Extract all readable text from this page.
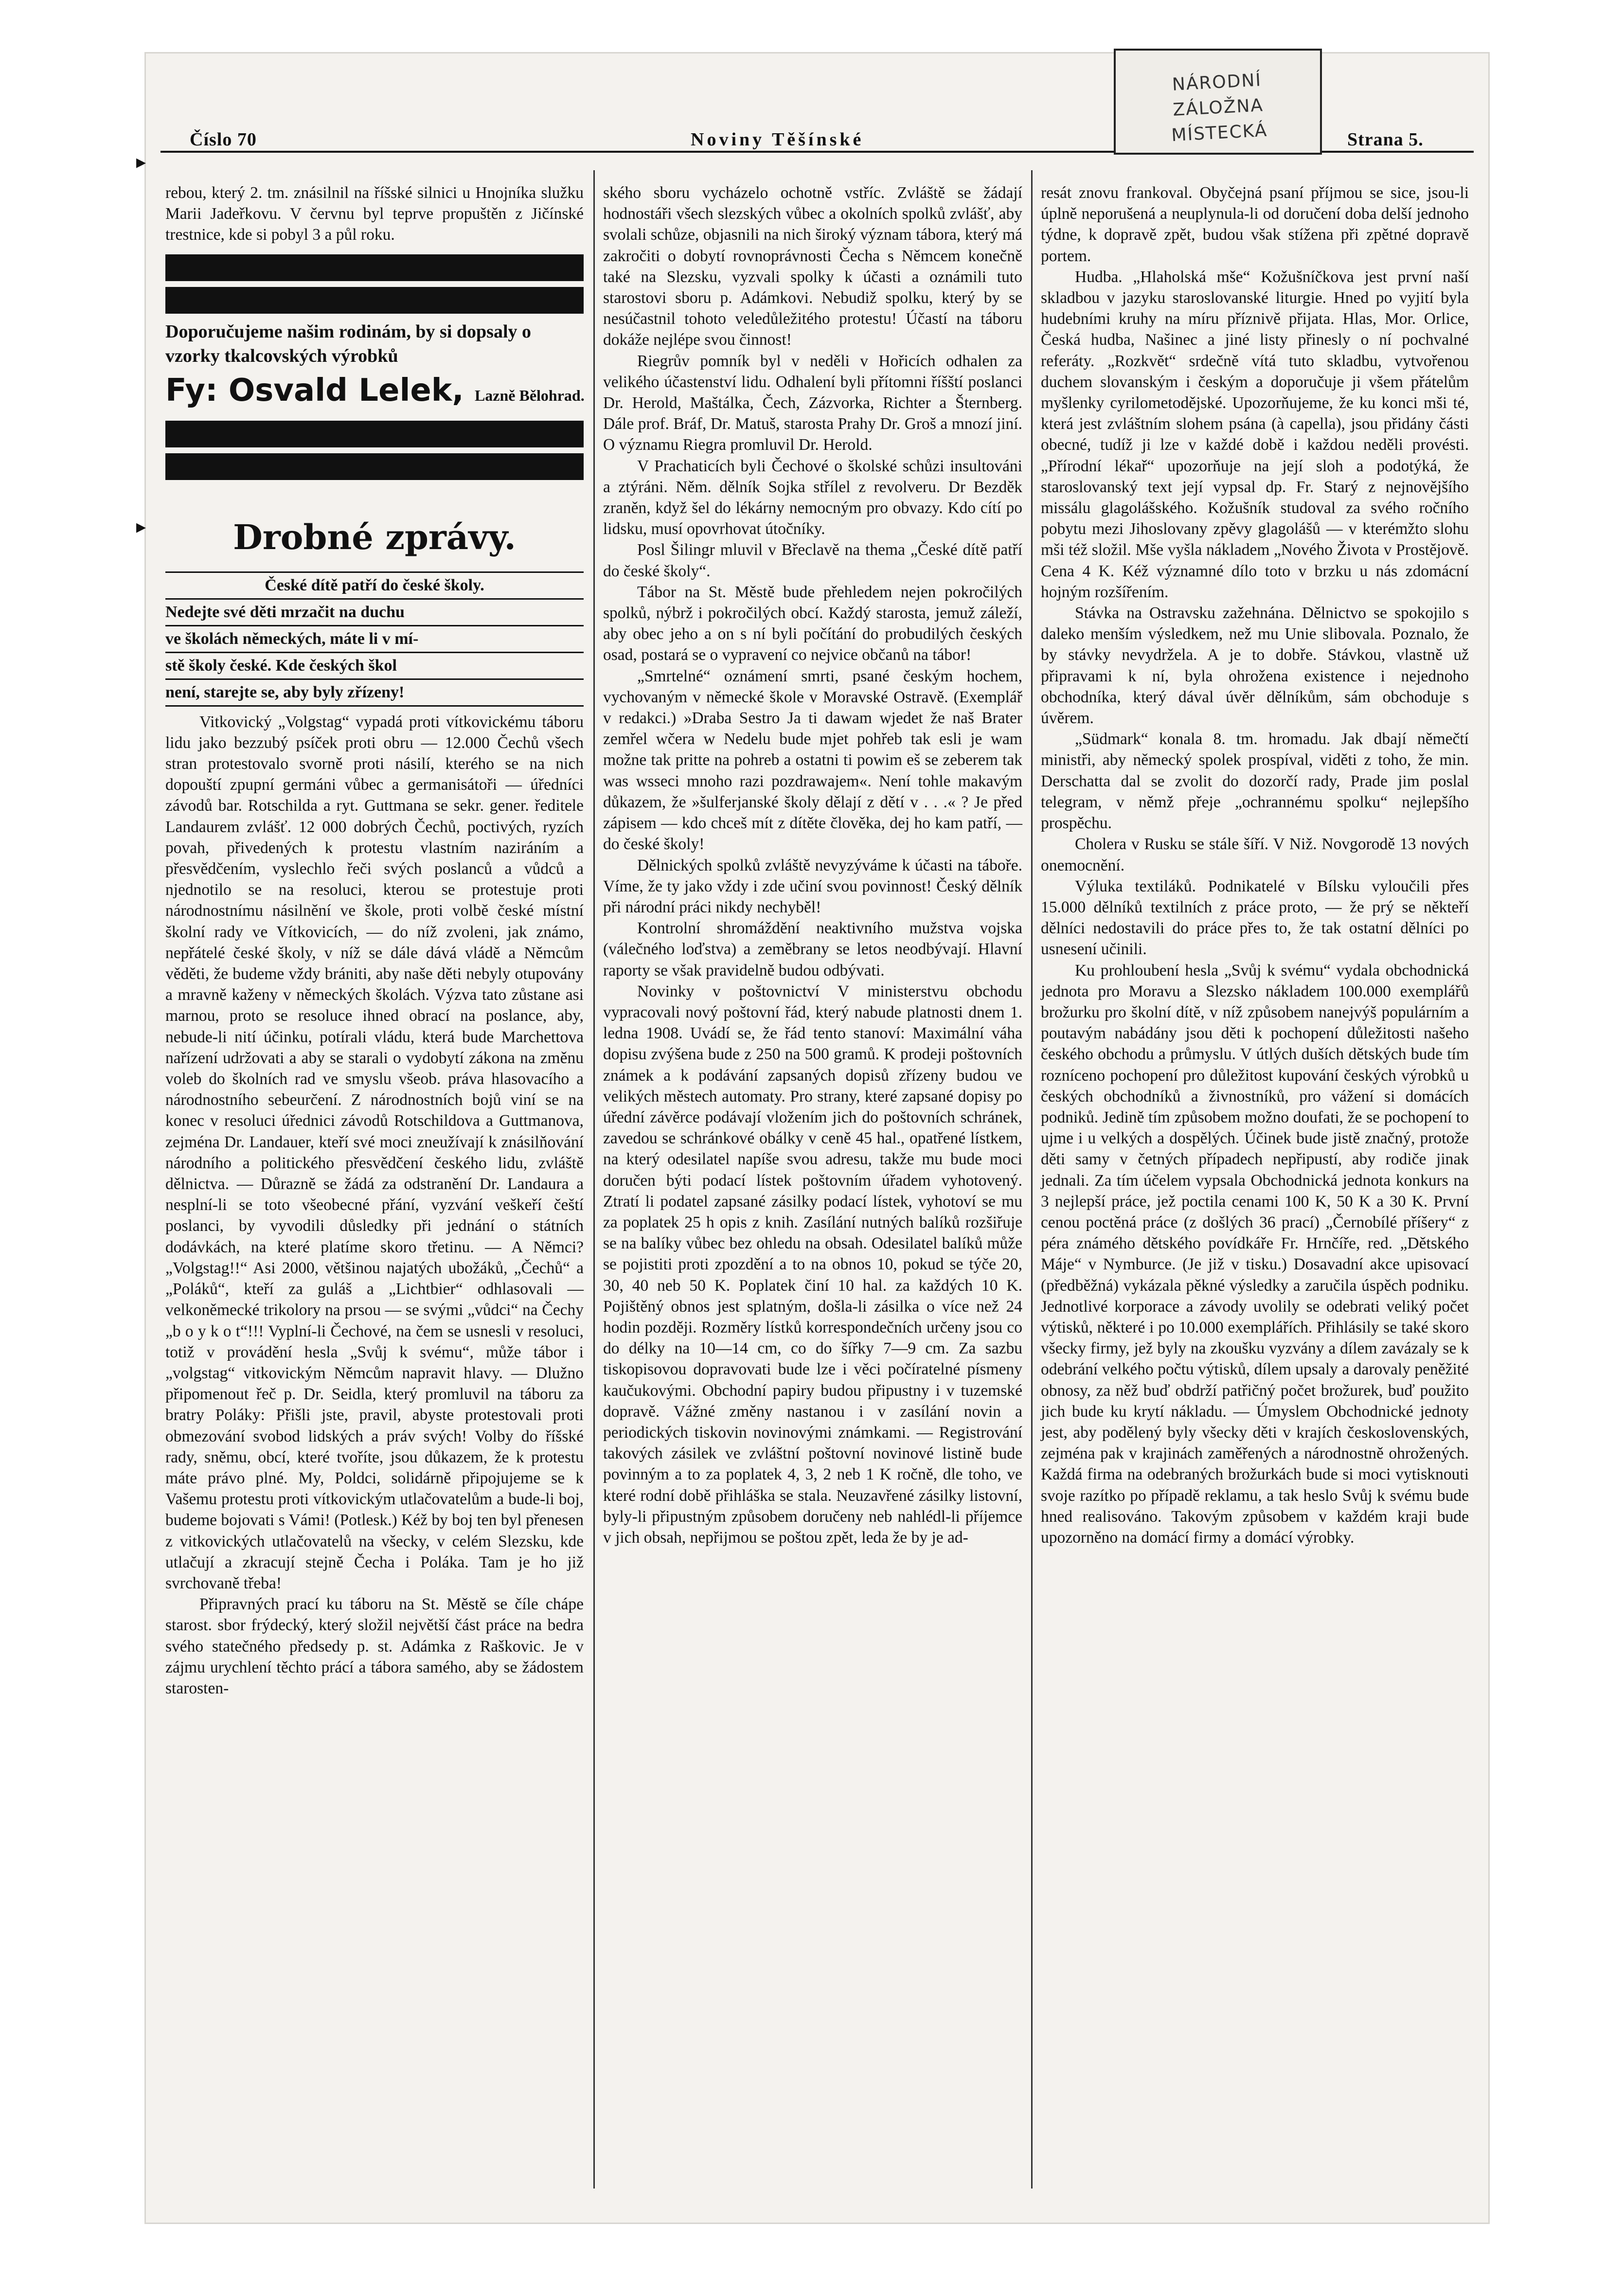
Číslo 70	Noviny Těšínské	Strana 5.
NÁRODNÍ ZÁLOŽNA
MÍSTECKÁ
▸
▸

rebou, který 2. tm. znásilnil na říšské silnici u Hnojníka služku Marii Jadeřkovu. V červnu byl teprve propuštěn z Jičínské trestnice, kde si pobyl 3 a půl roku.

Doporučujeme našim rodinám, by si dopsaly o vzorky tkalcovských výrobků
Fy: Osvald Lelek, Lazně Bělohrad.
Drobné zprávy.
České dítě patří do české školy.
Nedejte své děti mrzačit na duchu
ve školách německých, máte li v mí-
stě školy české. Kde českých škol
není, starejte se, aby byly zřízeny!

Vitkovický „Volgstag“ vypadá proti vítkovickému táboru lidu jako bezzubý psíček proti obru — 12.000 Čechů všech stran protestovalo svorně proti násilí, kterého se na nich dopouští zpupní germáni vůbec a germanisátoři — úředníci závodů bar. Rotschilda a ryt. Guttmana se sekr. gener. ředitele Landaurem zvlášť. 12 000 dobrých Čechů, poctivých, ryzích povah, přivedených k protestu vlastním naziráním a přesvědčením, vyslechlo řeči svých poslanců a vůdců a njednotilo se na resoluci, kterou se protestuje proti národnostnímu násilnění ve škole, proti volbě české místní školní rady ve Vítkovicích, — do níž zvoleni, jak známo, nepřátelé české školy, v níž se dále dává vládě a Němcům věděti, že budeme vždy brániti, aby naše děti nebyly otupovány a mravně kaženy v německých školách. Výzva tato zůstane asi marnou, proto se resoluce ihned obrací na poslance, aby, nebude-li nití účinku, potírali vládu, která bude Marchettova nařízení udržovati a aby se starali o vydobytí zákona na změnu voleb do školních rad ve smyslu všeob. práva hlasovacího a národnostního sebeurčení. Z národnostních bojů viní se na konec v resoluci úřednici závodů Rotschildova a Guttmanova, zejména Dr. Landauer, kteří své moci zneužívají k znásilňování národního a politického přesvědčení českého lidu, zvláště dělnictva. — Důrazně se žádá za odstranění Dr. Landaura a nesplní-li se toto všeobecné přání, vyzvání veškeří čeští poslanci, by vyvodili důsledky při jednání o státních dodávkách, na které platíme skoro třetinu. — A Němci? „Volgstag!!“ Asi 2000, většinou najatých ubožáků, „Čechů“ a „Poláků“, kteří za guláš a „Lichtbier“ odhlasovali — velkoněmecké trikolory na prsou — se svými „vůdci“ na Čechy „b o y k o t“!!! Vyplní-li Čechové, na čem se usnesli v resoluci, totiž v provádění hesla „Svůj k svému“, může tábor i „volgstag“ vitkovickým Němcům napravit hlavy. — Dlužno připomenout řeč p. Dr. Seidla, který promluvil na táboru za bratry Poláky: Přišli jste, pravil, abyste protestovali proti obmezování svobod lidských a práv svých! Volby do říšské rady, sněmu, obcí, které tvoříte, jsou důkazem, že k protestu máte právo plné. My, Poldci, solidárně připojujeme se k Vašemu protestu proti vítkovickým utlačovatelům a bude-li boj, budeme bojovati s Vámi! (Potlesk.) Kéž by boj ten byl přenesen z vitkovických utlačovatelů na všecky, v celém Slezsku, kde utlačují a zkracují stejně Čecha i Poláka. Tam je ho již svrchovaně třeba!

Připravných prací ku táboru na St. Městě se číle chápe starost. sbor frýdecký, který složil největší část práce na bedra svého statečného předsedy p. st. Adámka z Raškovic. Je v zájmu urychlení těchto prácí a tábora samého, aby se žádostem starosten-

ského sboru vycházelo ochotně vstříc. Zvláště se žádají hodnostáři všech slezských vůbec a okolních spolků zvlášť, aby svolali schůze, objasnili na nich široký význam tábora, který má zakročiti o dobytí rovnoprávnosti Čecha s Němcem konečně také na Slezsku, vyzvali spolky k účasti a oznámili tuto starostovi sboru p. Adámkovi. Nebudiž spolku, který by se nesúčastnil tohoto veledůležitého protestu! Účastí na táboru dokáže nejlépe svou činnost!

Riegrův pomník byl v neděli v Hořicích odhalen za velikého účastenství lidu. Odhalení byli přítomni říšští poslanci Dr. Herold, Maštálka, Čech, Zázvorka, Richter a Šternberg. Dále prof. Bráf, Dr. Matuš, starosta Prahy Dr. Groš a mnozí jiní. O významu Riegra promluvil Dr. Herold.

V Prachaticích byli Čechové o školské schůzi insultováni a ztýráni. Něm. dělník Sojka střílel z revolveru. Dr Bezděk zraněn, když šel do lékárny nemocným pro obvazy. Kdo cítí po lidsku, musí opovrhovat útočníky.

Posl Šilingr mluvil v Břeclavě na thema „České dítě patří do české školy“.

Tábor na St. Městě bude přehledem nejen pokročilých spolků, nýbrž i pokročilých obcí. Každý starosta, jemuž záleží, aby obec jeho a on s ní byli počítání do probudilých českých osad, postará se o vypravení co nejvice občanů na tábor!

„Smrtelné“ oznámení smrti, psané českým hochem, vychovaným v německé škole v Moravské Ostravě. (Exemplář v redakci.) »Draba Sestro Ja ti dawam wjedet že naš Brater zemřel wčera w Nedelu bude mjet pohřeb tak esli je wam možne tak pritte na pohreb a ostatni ti powim eš se zeberem tak was wsseci mnoho razi pozdrawajem«. Není tohle makavým důkazem, že »šulferjanské školy dělají z dětí v . . .« ? Je před zápisem — kdo chceš mít z dítěte člověka, dej ho kam patří, — do české školy!

Dělnických spolků zvláště nevyzýváme k účasti na táboře. Víme, že ty jako vždy i zde učiní svou povinnost! Český dělník při národní práci nikdy nechyběl!

Kontrolní shromáždění neaktivního mužstva vojska (válečného loďstva) a zeměbrany se letos neodbývají. Hlavní raporty se však pravidelně budou odbývati.

Novinky v poštovnictví V ministerstvu obchodu vypracovali nový poštovní řád, který nabude platnosti dnem 1. ledna 1908. Uvádí se, že řád tento stanoví: Maximální váha dopisu zvýšena bude z 250 na 500 gramů. K prodeji poštovních známek a k podávání zapsaných dopisů zřízeny budou ve velikých městech automaty. Pro strany, které zapsané dopisy po úřední závěrce podávají vložením jich do poštovních schránek, zavedou se schránkové obálky v ceně 45 hal., opatřené lístkem, na který odesilatel napíše svou adresu, takže mu bude moci doručen býti podací lístek poštovním úřadem vyhotovený. Ztratí li podatel zapsané zásilky podací lístek, vyhotoví se mu za poplatek 25 h opis z knih. Zasílání nutných balíků rozšiřuje se na balíky vůbec bez ohledu na obsah. Odesilatel balíků může se pojistiti proti zpozdění a to na obnos 10, pokud se týče 20, 30, 40 neb 50 K. Poplatek činí 10 hal. za každých 10 K. Pojištěný obnos jest splatným, došla-li zásilka o více než 24 hodin později. Rozměry lístků korrespondečních určeny jsou co do délky na 10—14 cm, co do šířky 7—9 cm. Za sazbu tiskopisovou dopravovati bude lze i věci počíratelné písmeny kaučukovými. Obchodní papiry budou připustny i v tuzemské dopravě. Vážné změny nastanou i v zasílání novin a periodických tiskovin novinovými známkami. — Registrování takových zásilek ve zvláštní poštovní novinové listině bude povinným a to za poplatek 4, 3, 2 neb 1 K ročně, dle toho, ve které rodní době přihláška se stala. Neuzavřené zásilky listovní, byly-li připustným způsobem doručeny neb nahlédl-li příjemce v jich obsah, nepřijmou se poštou zpět, leda že by je ad-

resát znovu frankoval. Obyčejná psaní příjmou se sice, jsou-li úplně neporušená a neuplynula-li od doručení doba delší jednoho týdne, k dopravě zpět, budou však stížena při zpětné dopravě portem.

Hudba. „Hlaholská mše“ Kožušníčkova jest první naší skladbou v jazyku staroslovanské liturgie. Hned po vyjití byla hudebními kruhy na míru příznivě přijata. Hlas, Mor. Orlice, Česká hudba, Našinec a jiné listy přinesly o ní pochvalné referáty. „Rozkvět“ srdečně vítá tuto skladbu, vytvořenou duchem slovanským i českým a doporučuje ji všem přátelům myšlenky cyrilometodějské. Upozorňujeme, že ku konci mši té, která jest zvláštním slohem psána (à capella), jsou přidány části obecné, tudíž ji lze v každé době i každou neděli provésti. „Přírodní lékař“ upozorňuje na její sloh a podotýká, že staroslovanský text její vypsal dp. Fr. Starý z nejnovějšího missálu glagolášského. Kožušník studoval za svého ročního pobytu mezi Jihoslovany zpěvy glagolášů — v kterémžto slohu mši též složil. Mše vyšla nákladem „Nového Života v Prostějově. Cena 4 K. Kéž významné dílo toto v brzku u nás zdomácní hojným rozšířením.

Stávka na Ostravsku zažehnána. Dělnictvo se spokojilo s daleko menším výsledkem, než mu Unie slibovala. Poznalo, že by stávky nevydržela. A je to dobře. Stávkou, vlastně už připravami k ní, byla ohrožena existence i nejednoho obchodníka, který dával úvěr dělníkům, sám obchoduje s úvěrem.

„Südmark“ konala 8. tm. hromadu. Jak dbají němečtí ministři, aby německý spolek prospíval, viděti z toho, že min. Derschatta dal se zvolit do dozorčí rady, Prade jim poslal telegram, v němž přeje „ochrannému spolku“ nejlepšího prospěchu.

Cholera v Rusku se stále šíří. V Niž. Novgorodě 13 nových onemocnění.

Výluka textiláků. Podnikatelé v Bílsku vyloučili přes 15.000 dělníků textilních z práce proto, — že prý se někteří dělníci nedostavili do práce přes to, že tak ostatní dělníci po usnesení učinili.

Ku prohloubení hesla „Svůj k svému“ vydala obchodnická jednota pro Moravu a Slezsko nákladem 100.000 exemplářů brožurku pro školní dítě, v níž způsobem nanejvýš populárním a poutavým nabádány jsou děti k pochopení důležitosti našeho českého obchodu a průmyslu. V útlých duších dětských bude tím rozníceno pochopení pro důležitost kupování českých výrobků u českých obchodníků a živnostníků, pro vážení si domácích podniků. Jedině tím způsobem možno doufati, že se pochopení to ujme i u velkých a dospělých. Účinek bude jistě značný, protože děti samy v četných případech nepřipustí, aby rodiče jinak jednali. Za tím účelem vypsala Obchodnická jednota konkurs na 3 nejlepší práce, jež poctila cenami 100 K, 50 K a 30 K. První cenou poctěná práce (z došlých 36 prací) „Černobílé příšery“ z péra známého dětského povídkáře Fr. Hrnčíře, red. „Dětského Máje“ v Nymburce. (Je již v tisku.) Dosavadní akce upisovací (předběžná) vykázala pěkné výsledky a zaručila úspěch podniku. Jednotlivé korporace a závody uvolily se odebrati veliký počet výtisků, některé i po 10.000 exemplářích. Přihlásily se také skoro všecky firmy, jež byly na zkoušku vyzvány a dílem zavázaly se k odebrání velkého počtu výtisků, dílem upsaly a darovaly peněžité obnosy, za něž buď obdrží patřičný počet brožurek, buď použito jich bude ku krytí nákladu. — Úmyslem Obchodnické jednoty jest, aby podělený byly všecky děti v krajích československých, zejména pak v krajinách zaměřených a národnostně ohrožených. Každá firma na odebraných brožurkách bude si moci vytisknouti svoje razítko po případě reklamu, a tak heslo Svůj k svému bude hned realisováno. Takovým způsobem v každém kraji bude upozorněno na domácí firmy a domácí výrobky.
